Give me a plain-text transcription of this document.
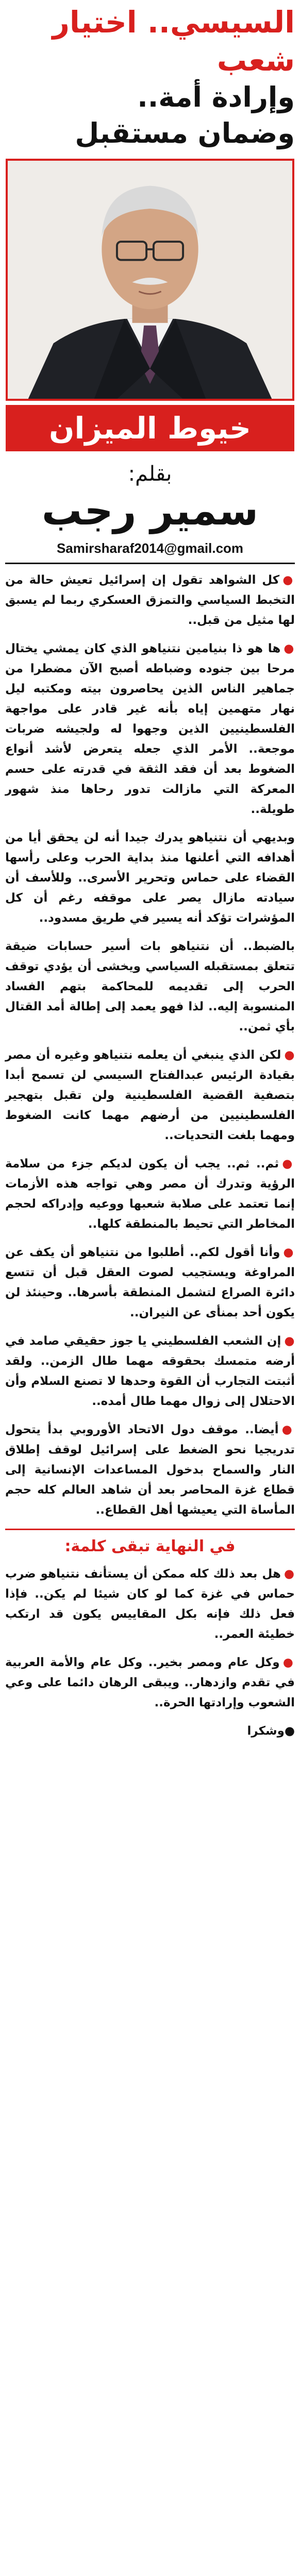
السيسي.. اختيار شعب
وإرادة أمة..
وضمان مستقبل
خيوط الميزان
بقلم:
سمير رجب
Samirsharaf2014@gmail.com

●كل الشواهد تقول إن إسرائيل تعيش حالة من التخبط السياسي والتمزق العسكري ربما لم يسبق لها مثيل من قبل..

●ها هو ذا بنيامين نتنياهو الذي كان يمشي يختال مرحا بين جنوده وضباطه أصبح الآن مضطرا من جماهير الناس الذين يحاصرون بيته ومكتبه ليل نهار متهمين إياه بأنه غير قادر على مواجهة الفلسطينيين الذين وجهوا له ولجيشه ضربات موجعة.. الأمر الذي جعله يتعرض لأشد أنواع الضغوط بعد أن فقد الثقة في قدرته على حسم المعركة التي مازالت تدور رحاها منذ شهور طويلة..

وبديهي أن نتنياهو يدرك جيدا أنه لن يحقق أيا من أهدافه التي أعلنها منذ بداية الحرب وعلى رأسها القضاء على حماس وتحرير الأسرى.. وللأسف أن سيادته مازال يصر على موقفه رغم أن كل المؤشرات تؤكد أنه يسير في طريق مسدود..

بالضبط.. أن نتنياهو بات أسير حسابات ضيقة تتعلق بمستقبله السياسي ويخشى أن يؤدي توقف الحرب إلى تقديمه للمحاكمة بتهم الفساد المنسوبة إليه.. لذا فهو يعمد إلى إطالة أمد القتال بأي ثمن..

●لكن الذي ينبغي أن يعلمه نتنياهو وغيره أن مصر بقيادة الرئيس عبدالفتاح السيسي لن تسمح أبدا بتصفية القضية الفلسطينية ولن تقبل بتهجير الفلسطينيين من أرضهم مهما كانت الضغوط ومهما بلغت التحديات..

●ثم.. ثم.. يجب أن يكون لديكم جزء من سلامة الرؤية وتدرك أن مصر وهي تواجه هذه الأزمات إنما تعتمد على صلابة شعبها ووعيه وإدراكه لحجم المخاطر التي تحيط بالمنطقة كلها..

●وأنا أقول لكم.. أطلبوا من نتنياهو أن يكف عن المراوغة ويستجيب لصوت العقل قبل أن تتسع دائرة الصراع لتشمل المنطقة بأسرها.. وحينئذ لن يكون أحد بمنأى عن النيران..

●إن الشعب الفلسطيني يا جوز حقيقي صامد في أرضه متمسك بحقوقه مهما طال الزمن.. ولقد أثبتت التجارب أن القوة وحدها لا تصنع السلام وأن الاحتلال إلى زوال مهما طال أمده..

●أيضا.. موقف دول الاتحاد الأوروبي بدأ يتحول تدريجيا نحو الضغط على إسرائيل لوقف إطلاق النار والسماح بدخول المساعدات الإنسانية إلى قطاع غزة المحاصر بعد أن شاهد العالم كله حجم المأساة التي يعيشها أهل القطاع..

في النهاية تبقى كلمة:

●هل بعد ذلك كله ممكن أن يستأنف نتنياهو ضرب حماس في غزة كما لو كان شيئا لم يكن.. فإذا فعل ذلك فإنه بكل المقاييس يكون قد ارتكب خطيئة العمر..

●وكل عام ومصر بخير.. وكل عام والأمة العربية في تقدم وازدهار.. ويبقى الرهان دائما على وعي الشعوب وإرادتها الحرة..

●وشكرا
